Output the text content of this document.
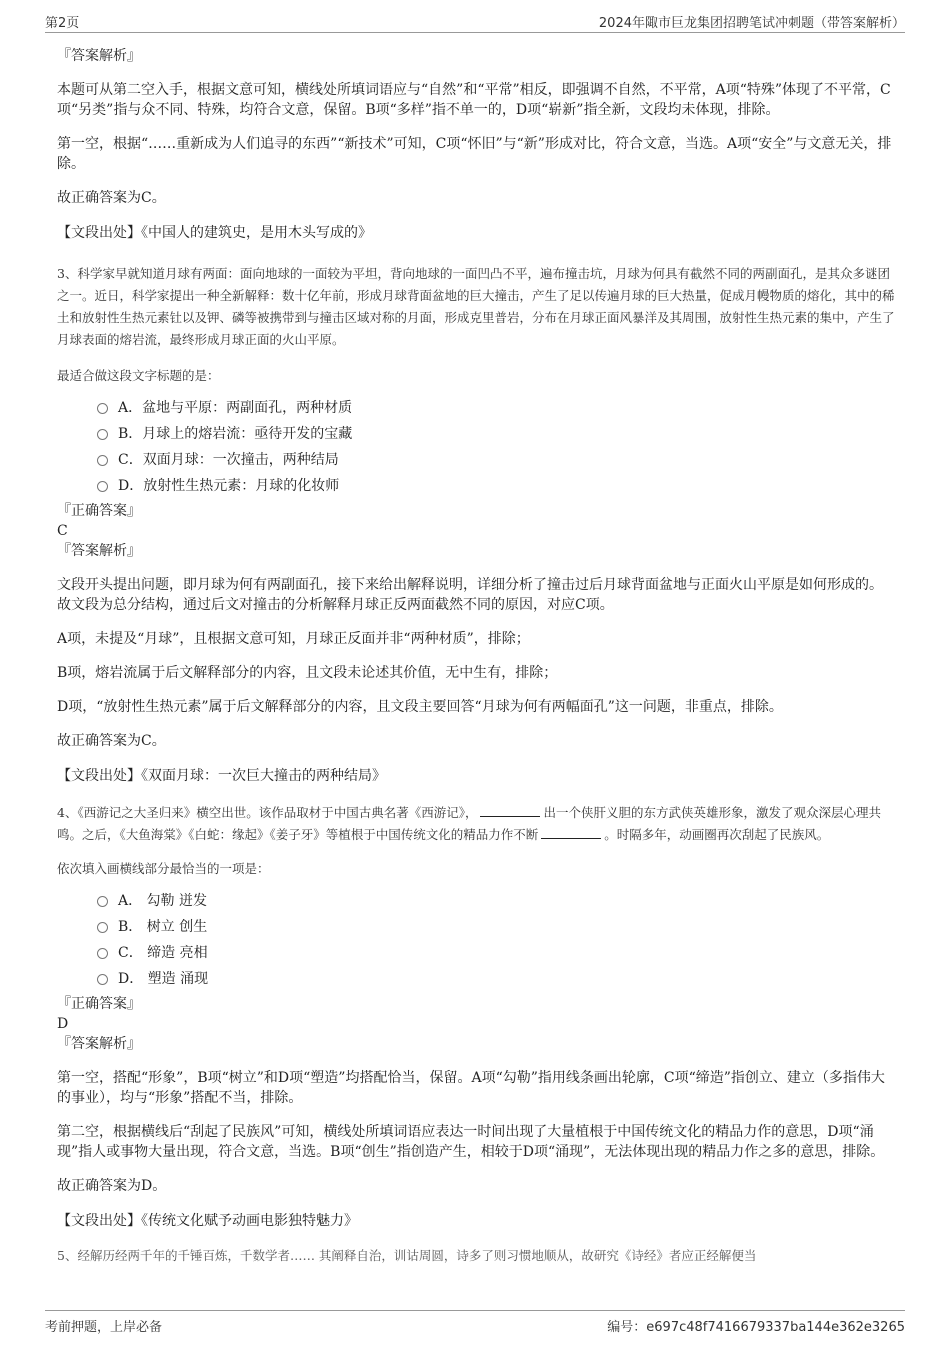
第2页	2024年陬市巨龙集团招聘笔试冲刺题（带答案解析）
『答案解析』
本题可从第二空入手，根据文意可知，横线处所填词语应与“自然”和“平常”相反，即强调不自然，不平常，A项“特殊”体现了不平常，C项“另类”指与众不同、特殊，均符合文意，保留。B项“多样”指不单一的，D项“崭新”指全新，文段均未体现，排除。
第一空，根据“……重新成为人们追寻的东西”“新技术”可知，C项“怀旧”与“新”形成对比，符合文意，当选。A项“安全”与文意无关，排除。
故正确答案为C。
【文段出处】《中国人的建筑史，是用木头写成的》
3、科学家早就知道月球有两面：面向地球的一面较为平坦，背向地球的一面凹凸不平，遍布撞击坑，月球为何具有截然不同的两副面孔，是其众多谜团之一。近日，科学家提出一种全新解释：数十亿年前，形成月球背面盆地的巨大撞击，产生了足以传遍月球的巨大热量，促成月幔物质的熔化，其中的稀土和放射性生热元素钍以及钾、磷等被携带到与撞击区域对称的月面，形成克里普岩，分布在月球正面风暴洋及其周围，放射性生热元素的集中，产生了月球表面的熔岩流，最终形成月球正面的火山平原。
最适合做这段文字标题的是：
A．盆地与平原：两副面孔，两种材质
B．月球上的熔岩流：亟待开发的宝藏
C．双面月球：一次撞击，两种结局
D．放射性生热元素：月球的化妆师
『正确答案』
C
『答案解析』
文段开头提出问题，即月球为何有两副面孔，接下来给出解释说明，详细分析了撞击过后月球背面盆地与正面火山平原是如何形成的。故文段为总分结构，通过后文对撞击的分析解释月球正反两面截然不同的原因，对应C项。
A项，未提及“月球”，且根据文意可知，月球正反面并非“两种材质”，排除；
B项，熔岩流属于后文解释部分的内容，且文段未论述其价值，无中生有，排除；
D项，“放射性生热元素”属于后文解释部分的内容，且文段主要回答“月球为何有两幅面孔”这一问题，非重点，排除。
故正确答案为C。
【文段出处】《双面月球：一次巨大撞击的两种结局》
4、《西游记之大圣归来》横空出世。该作品取材于中国古典名著《西游记》，	出一个侠肝义胆的东方武侠英雄形象，激发了观众深层心理共鸣。之后，《大鱼海棠》《白蛇：缘起》《姜子牙》等植根于中国传统文化的精品力作不断	。时隔多年，动画圈再次刮起了民族风。
依次填入画横线部分最恰当的一项是：
A． 勾勒 迸发
B． 树立 创生
C． 缔造 亮相
D． 塑造 涌现
『正确答案』
D
『答案解析』
第一空，搭配“形象”，B项“树立”和D项“塑造”均搭配恰当，保留。A项“勾勒”指用线条画出轮廓，C项“缔造”指创立、建立（多指伟大的事业），均与“形象”搭配不当，排除。
第二空，根据横线后“刮起了民族风”可知，横线处所填词语应表达一时间出现了大量植根于中国传统文化的精品力作的意思，D项“涌现”指人或事物大量出现，符合文意，当选。B项“创生”指创造产生，相较于D项“涌现”，无法体现出现的精品力作之多的意思，排除。
故正确答案为D。
【文段出处】《传统文化赋予动画电影独特魅力》
5、经解历经两千年的千锤百炼，千数学者…… 其阐释自治，训诂周圆，诗多了则习惯地顺从，故研究《诗经》者应正经解便当
考前押题，上岸必备	编号：e697c48f7416679337ba144e362e3265
